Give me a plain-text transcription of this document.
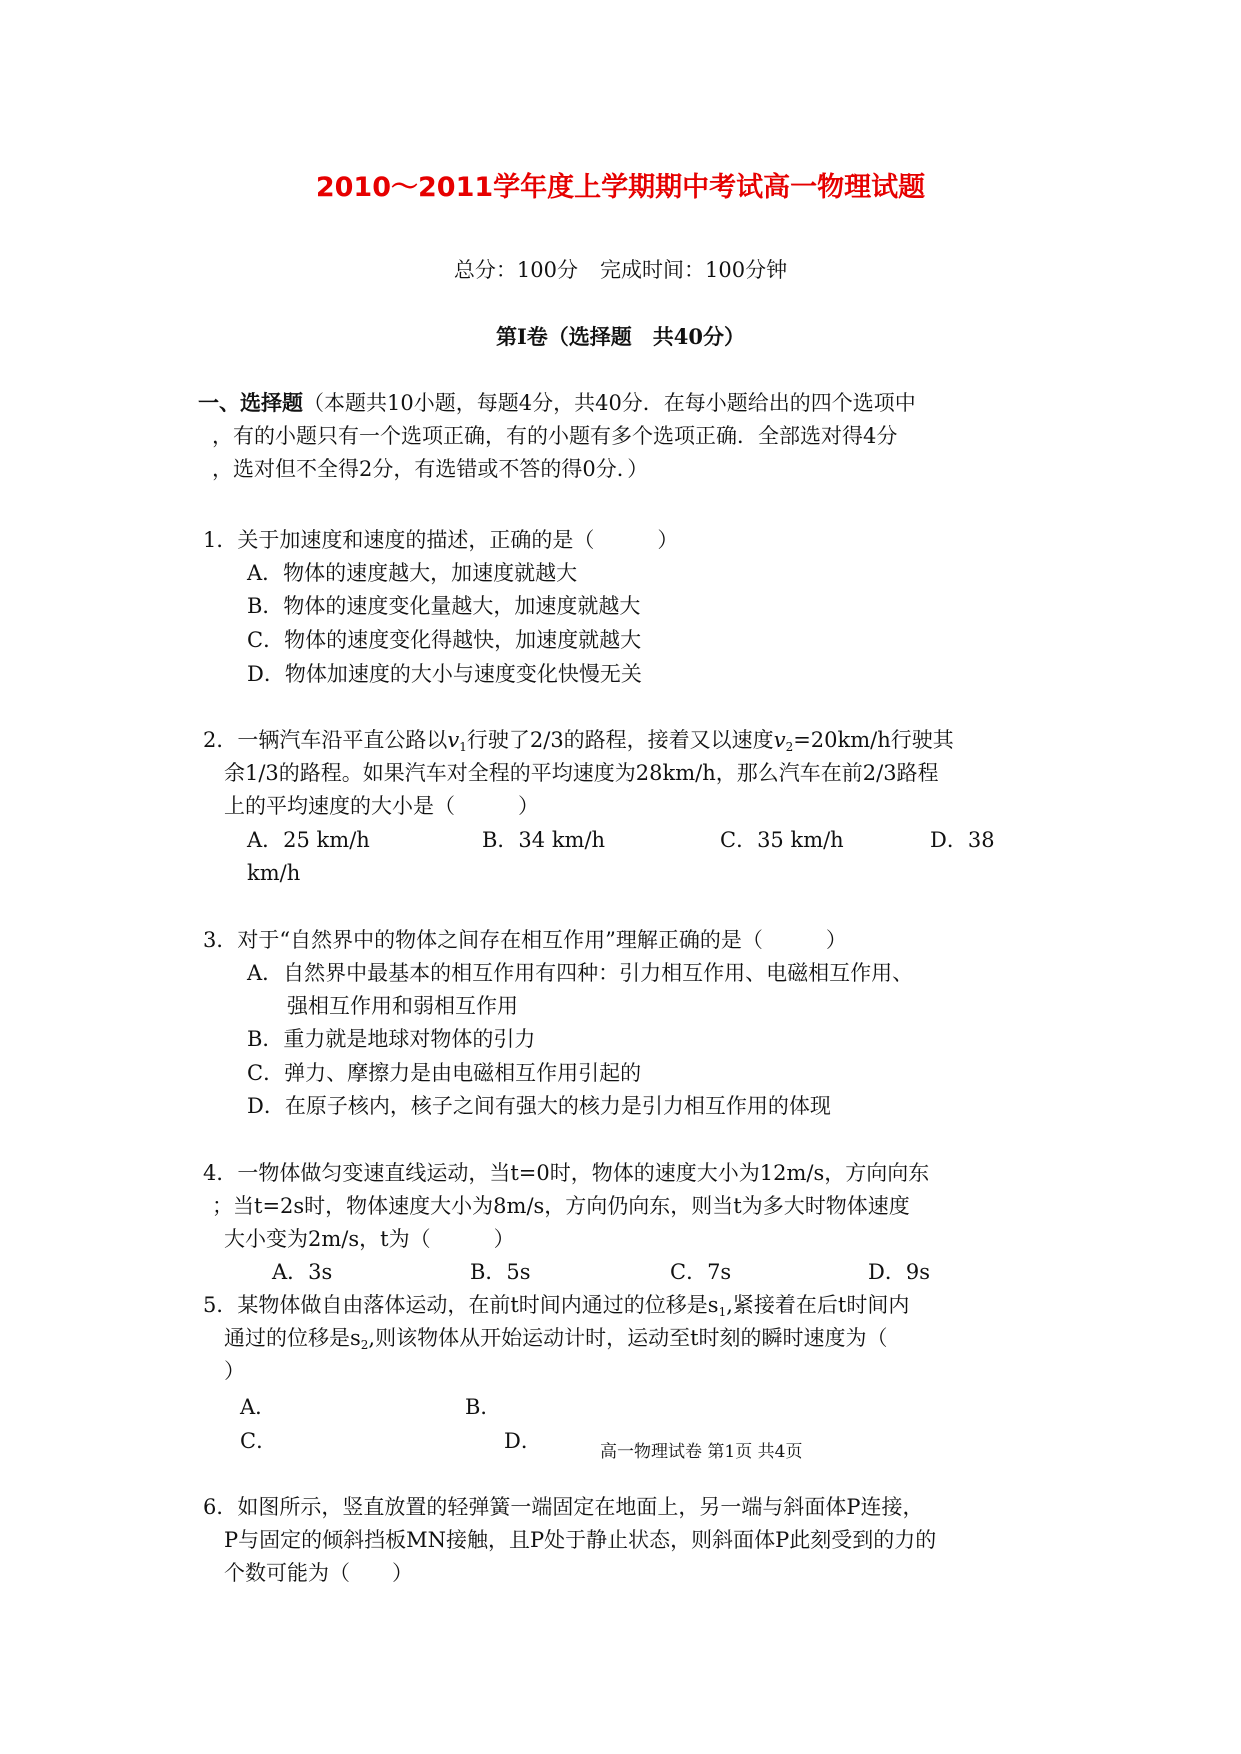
2010～2011学年度上学期期中考试高一物理试题
总分：100分 完成时间：100分钟
第Ⅰ卷（选择题　共40分）
一、选择题（本题共10小题，每题4分，共40分．在每小题给出的四个选项中
，有的小题只有一个选项正确，有的小题有多个选项正确．全部选对得4分
，选对但不全得2分，有选错或不答的得0分．）
1．关于加速度和速度的描述，正确的是（　　　）
A．物体的速度越大，加速度就越大
B．物体的速度变化量越大，加速度就越大
C．物体的速度变化得越快，加速度就越大
D．物体加速度的大小与速度变化快慢无关
2．一辆汽车沿平直公路以$v_1$行驶了2/3的路程，接着又以速度$v_2=20km/h$行驶其
余1/3的路程。如果汽车对全程的平均速度为28km/h，那么汽车在前2/3路程
上的平均速度的大小是（　　　）
A．25 km/h	B．34 km/h	C．35 km/h	D．38
km/h
3．对于“自然界中的物体之间存在相互作用”理解正确的是（　　　）
A．自然界中最基本的相互作用有四种：引力相互作用、电磁相互作用、
强相互作用和弱相互作用
B．重力就是地球对物体的引力
C．弹力、摩擦力是由电磁相互作用引起的
D．在原子核内，核子之间有强大的核力是引力相互作用的体现
4．一物体做匀变速直线运动，当t=0时，物体的速度大小为12m/s，方向向东
；当t=2s时，物体速度大小为8m/s，方向仍向东，则当t为多大时物体速度
大小变为2m/s，t为（　　　）
A．3s	B．5s	C．7s	D．9s
5．某物体做自由落体运动，在前t时间内通过的位移是$s_1$,紧接着在后t时间内
通过的位移是$s_2$,则该物体从开始运动计时，运动至t时刻的瞬时速度为（
）
A．	B．
C．	D．	高一物理试卷 第1页 共4页
6．如图所示，竖直放置的轻弹簧一端固定在地面上，另一端与斜面体P连接，
P与固定的倾斜挡板MN接触，且P处于静止状态，则斜面体P此刻受到的力的
个数可能为（　　）
